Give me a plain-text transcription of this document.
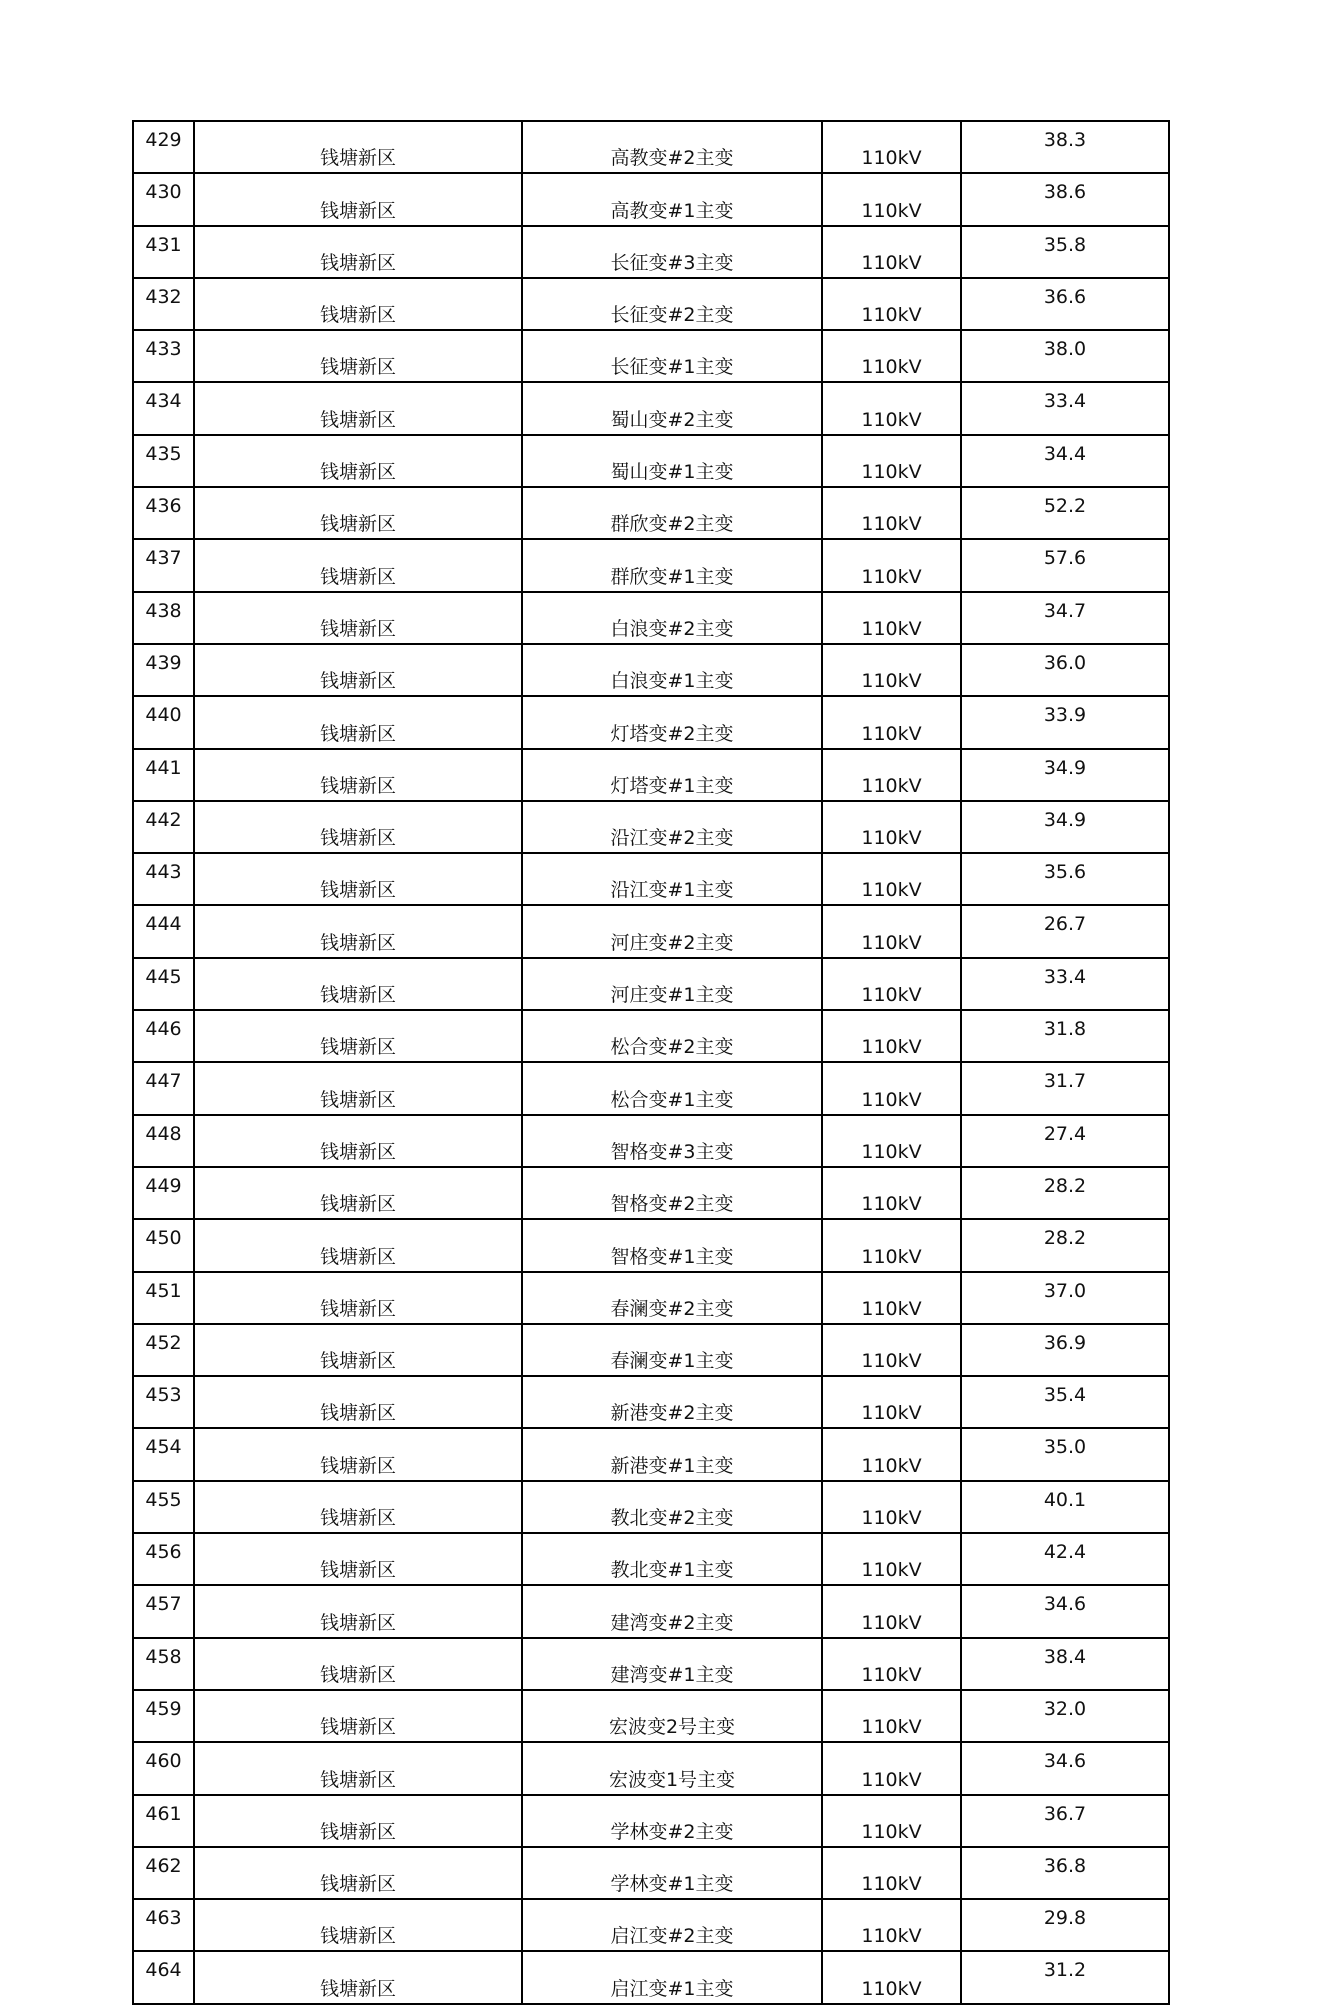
429	钱塘新区	高教变#2主变	110kV	38.3
430	钱塘新区	高教变#1主变	110kV	38.6
431	钱塘新区	长征变#3主变	110kV	35.8
432	钱塘新区	长征变#2主变	110kV	36.6
433	钱塘新区	长征变#1主变	110kV	38.0
434	钱塘新区	蜀山变#2主变	110kV	33.4
435	钱塘新区	蜀山变#1主变	110kV	34.4
436	钱塘新区	群欣变#2主变	110kV	52.2
437	钱塘新区	群欣变#1主变	110kV	57.6
438	钱塘新区	白浪变#2主变	110kV	34.7
439	钱塘新区	白浪变#1主变	110kV	36.0
440	钱塘新区	灯塔变#2主变	110kV	33.9
441	钱塘新区	灯塔变#1主变	110kV	34.9
442	钱塘新区	沿江变#2主变	110kV	34.9
443	钱塘新区	沿江变#1主变	110kV	35.6
444	钱塘新区	河庄变#2主变	110kV	26.7
445	钱塘新区	河庄变#1主变	110kV	33.4
446	钱塘新区	松合变#2主变	110kV	31.8
447	钱塘新区	松合变#1主变	110kV	31.7
448	钱塘新区	智格变#3主变	110kV	27.4
449	钱塘新区	智格变#2主变	110kV	28.2
450	钱塘新区	智格变#1主变	110kV	28.2
451	钱塘新区	春澜变#2主变	110kV	37.0
452	钱塘新区	春澜变#1主变	110kV	36.9
453	钱塘新区	新港变#2主变	110kV	35.4
454	钱塘新区	新港变#1主变	110kV	35.0
455	钱塘新区	教北变#2主变	110kV	40.1
456	钱塘新区	教北变#1主变	110kV	42.4
457	钱塘新区	建湾变#2主变	110kV	34.6
458	钱塘新区	建湾变#1主变	110kV	38.4
459	钱塘新区	宏波变2号主变	110kV	32.0
460	钱塘新区	宏波变1号主变	110kV	34.6
461	钱塘新区	学林变#2主变	110kV	36.7
462	钱塘新区	学林变#1主变	110kV	36.8
463	钱塘新区	启江变#2主变	110kV	29.8
464	钱塘新区	启江变#1主变	110kV	31.2
